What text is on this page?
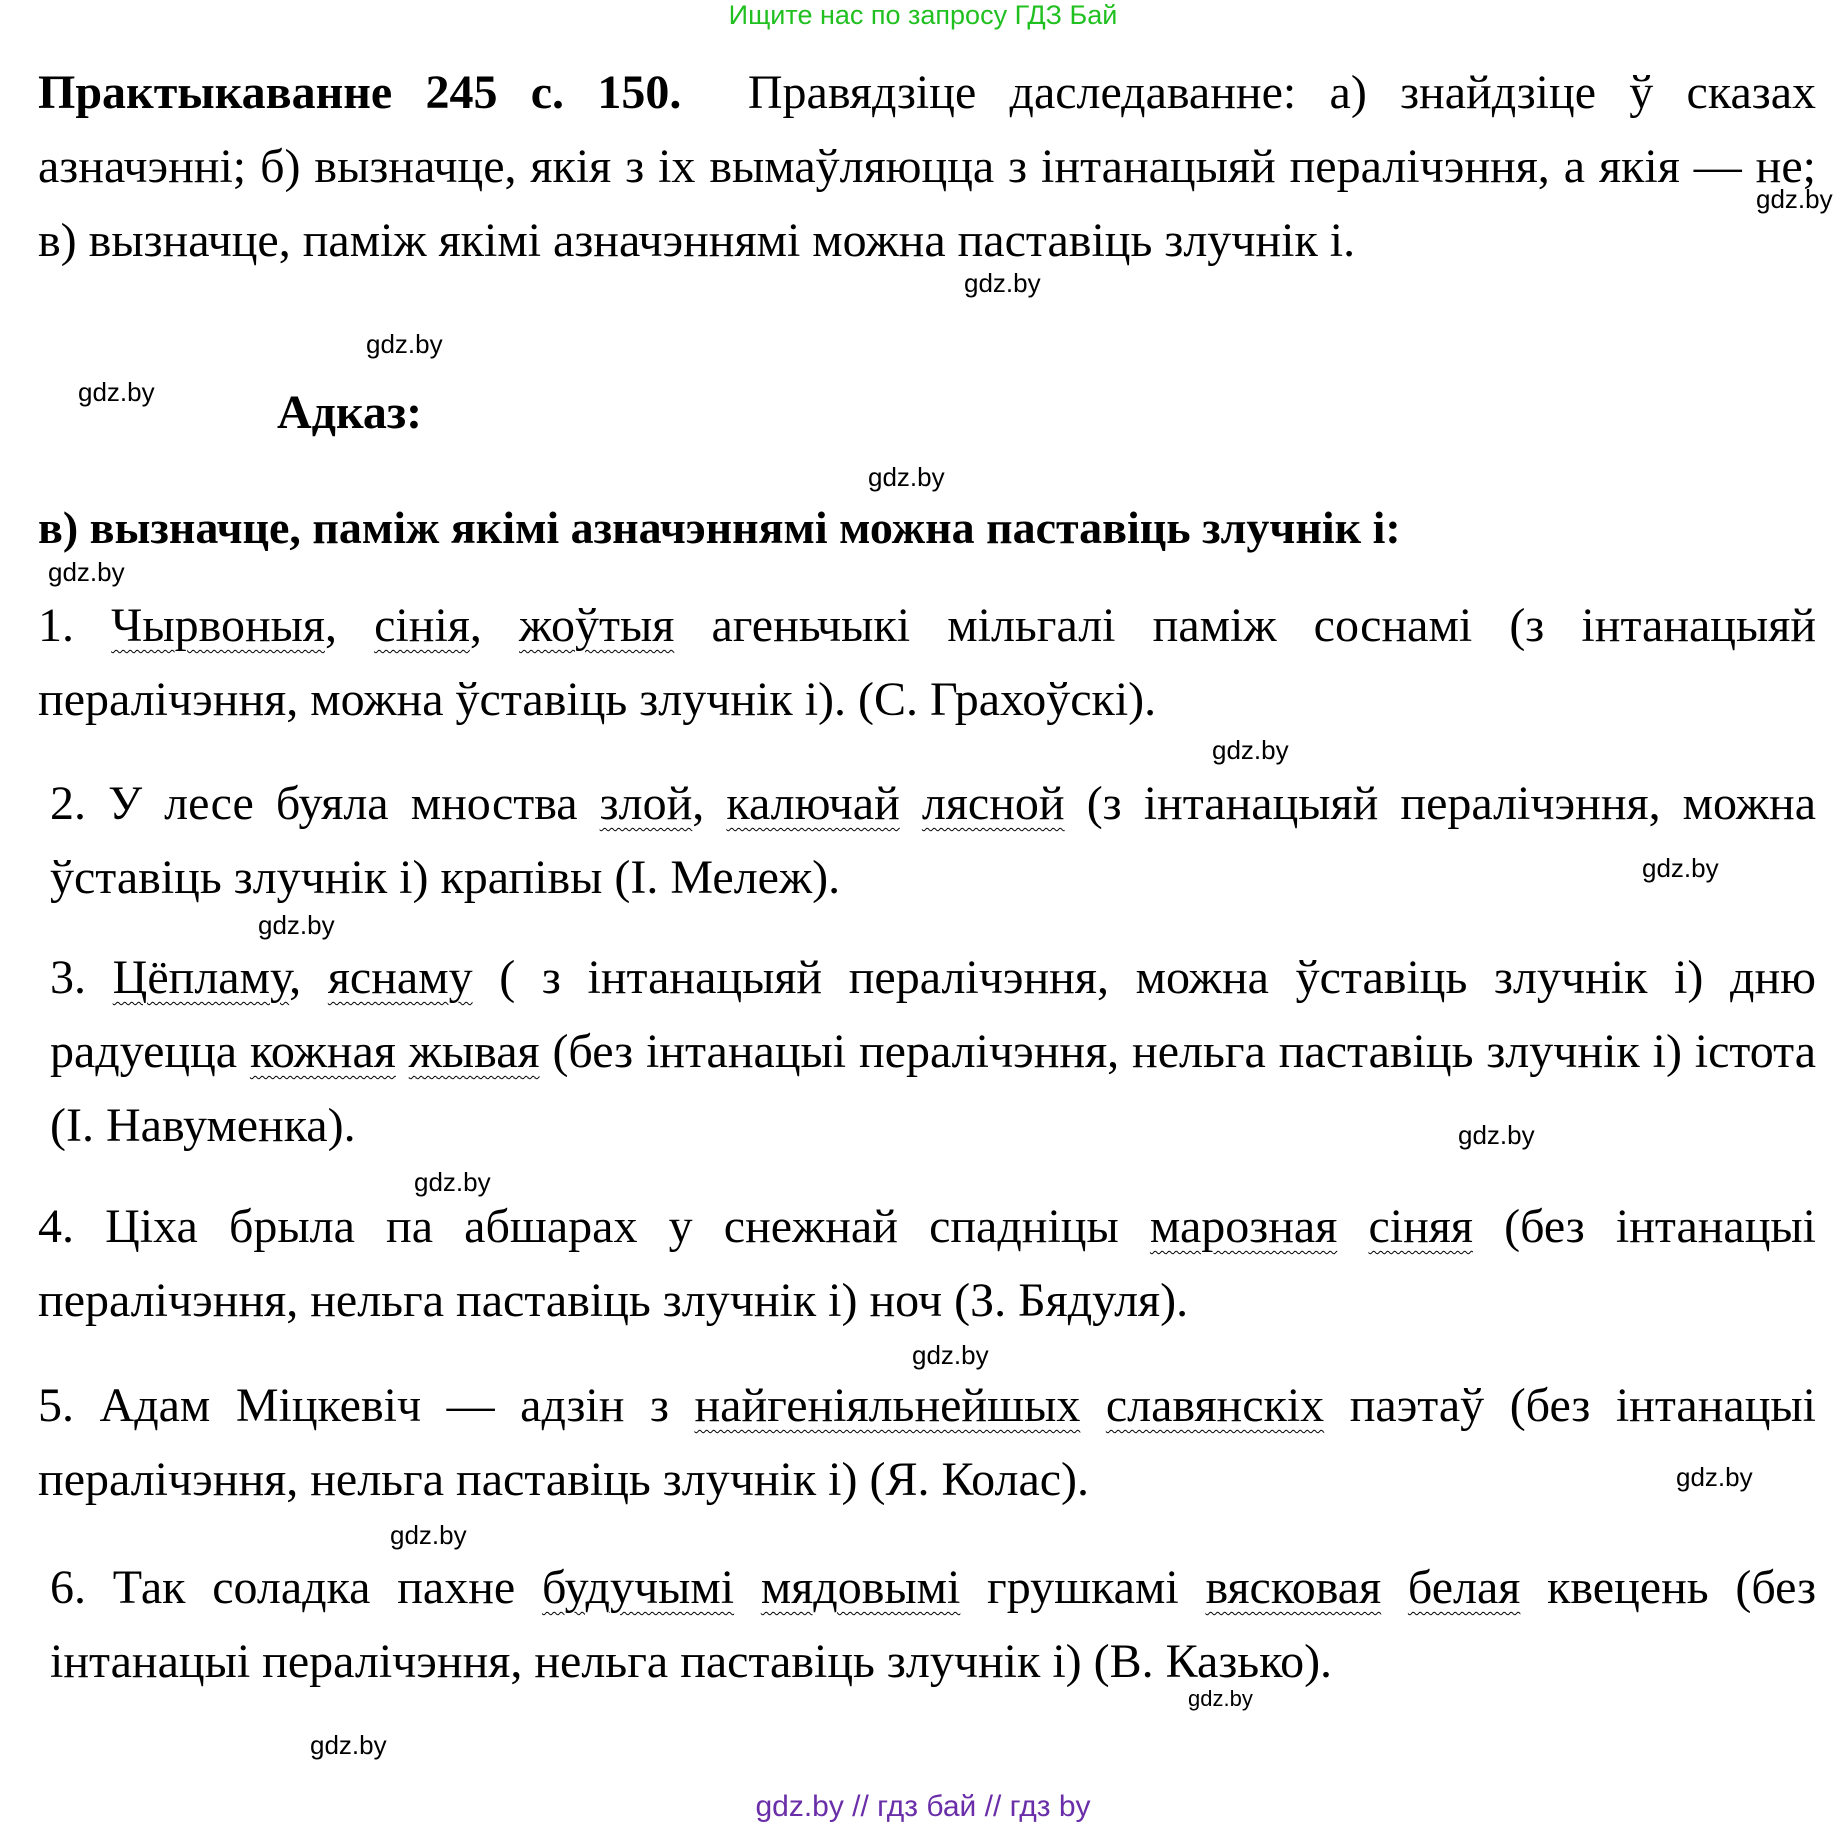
Ищите нас по запросу ГДЗ Бай
Практыкаванне 245 с. 150. Правядзіце даследаванне: а) знайдзіце ў сказах азначэнні; б) вызначце, якія з іх вымаўляюцца з інтанацыяй пералічэння, а якія — не; в) вызначце, паміж якімі азначэннямі можна паставіць злучнік і.
Адказ:
в) вызначце, паміж якімі азначэннямі можна паставіць злучнік і:
1. Чырвоныя, сінія, жоўтыя агеньчыкі мільгалі паміж соснамі (з інтанацыяй пералічэння, можна ўставіць злучнік і). (С. Грахоўскі).
2. У лесе буяла мноства злой, калючай лясной (з інтанацыяй пералічэння, можна ўставіць злучнік і) крапівы (І. Мележ).
3. Цёпламу, яснаму ( з інтанацыяй пералічэння, можна ўставіць злучнік і) дню радуецца кожная жывая (без інтанацыі пералічэння, нельга паставіць злучнік і) істота (І. Навуменка).
4. Ціха брыла па абшарах у снежнай спадніцы марозная сіняя (без інтанацыі пералічэння, нельга паставіць злучнік і) ноч (З. Бядуля).
5. Адам Міцкевіч — адзін з найгеніяльнейшых славянскіх паэтаў (без інтанацыі пералічэння, нельга паставіць злучнік і) (Я. Колас).
6. Так соладка пахне будучымі мядовымі грушкамі вясковая белая квецень (без інтанацыі пералічэння, нельга паставіць злучнік і) (В. Казько).
gdz.by
gdz.by
gdz.by
gdz.by
gdz.by
gdz.by
gdz.by
gdz.by
gdz.by
gdz.by
gdz.by
gdz.by
gdz.by
gdz.by
gdz.by
gdz.by
gdz.by // гдз бай // гдз by
